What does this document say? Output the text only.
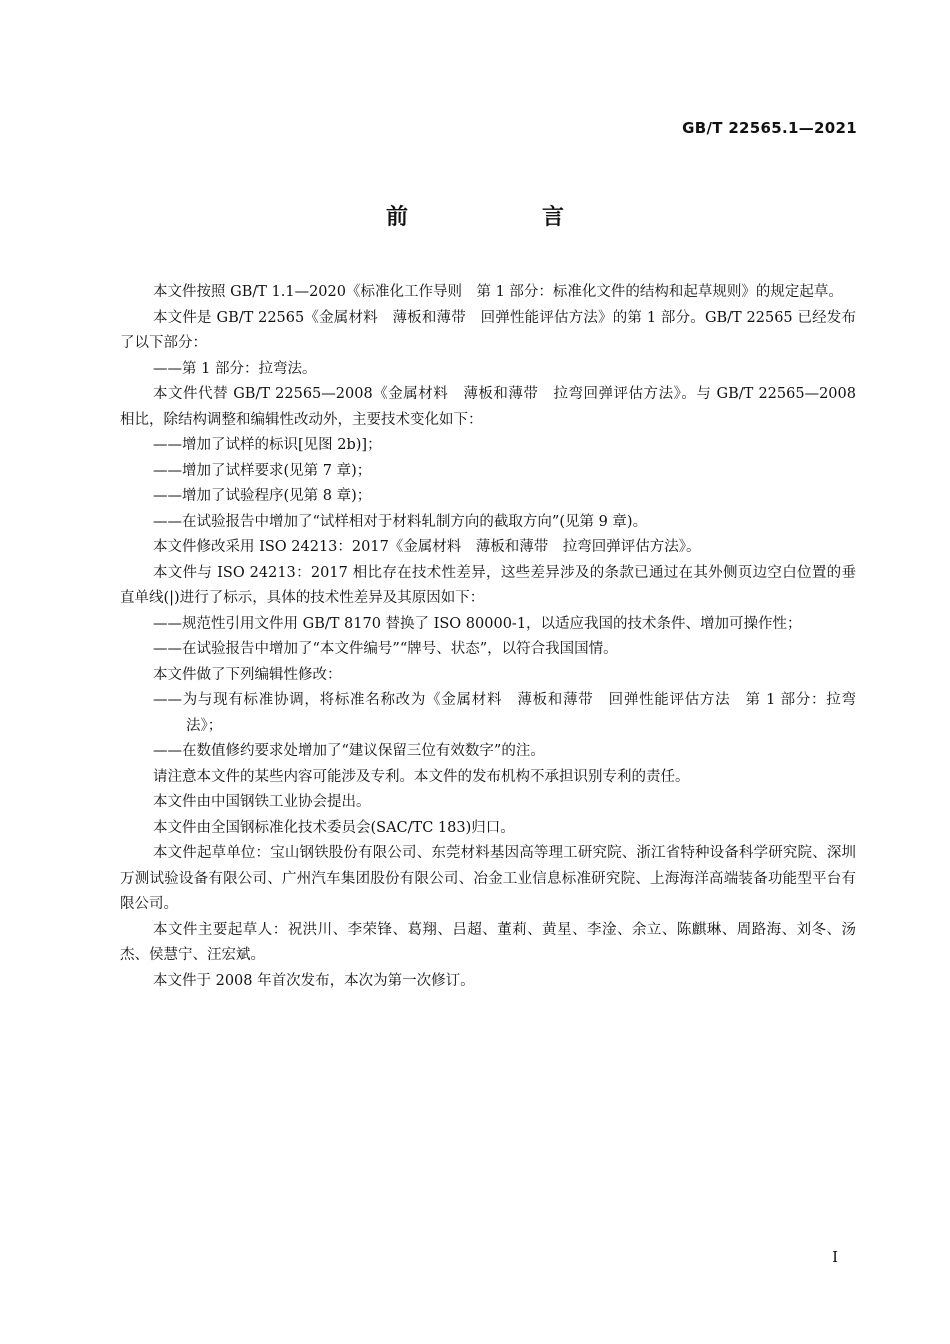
GB/T 22565.1—2021
前　言

本文件按照 GB/T 1.1—2020《标准化工作导则　第 1 部分：标准化文件的结构和起草规则》的规定起草。

本文件是 GB/T 22565《金属材料　薄板和薄带　回弹性能评估方法》的第 1 部分。GB/T 22565 已经发布了以下部分：

——第 1 部分：拉弯法。

本文件代替 GB/T 22565—2008《金属材料　薄板和薄带　拉弯回弹评估方法》。与 GB/T 22565—2008 相比，除结构调整和编辑性改动外，主要技术变化如下：

——增加了试样的标识[见图 2b)]；

——增加了试样要求(见第 7 章)；

——增加了试验程序(见第 8 章)；

——在试验报告中增加了“试样相对于材料轧制方向的截取方向”(见第 9 章)。

本文件修改采用 ISO 24213：2017《金属材料　薄板和薄带　拉弯回弹评估方法》。

本文件与 ISO 24213：2017 相比存在技术性差异，这些差异涉及的条款已通过在其外侧页边空白位置的垂直单线(|)进行了标示，具体的技术性差异及其原因如下：

——规范性引用文件用 GB/T 8170 替换了 ISO 80000-1，以适应我国的技术条件、增加可操作性；

——在试验报告中增加了“本文件编号”“牌号、状态”，以符合我国国情。

本文件做了下列编辑性修改：

——为与现有标准协调，将标准名称改为《金属材料　薄板和薄带　回弹性能评估方法　第 1 部分：拉弯法》；

——在数值修约要求处增加了“建议保留三位有效数字”的注。

请注意本文件的某些内容可能涉及专利。本文件的发布机构不承担识别专利的责任。

本文件由中国钢铁工业协会提出。

本文件由全国钢标准化技术委员会(SAC/TC 183)归口。

本文件起草单位：宝山钢铁股份有限公司、东莞材料基因高等理工研究院、浙江省特种设备科学研究院、深圳万测试验设备有限公司、广州汽车集团股份有限公司、冶金工业信息标准研究院、上海海洋高端装备功能型平台有限公司。

本文件主要起草人：祝洪川、李荣锋、葛翔、吕超、董莉、黄星、李淦、余立、陈麒琳、周路海、刘冬、汤杰、侯慧宁、汪宏斌。

本文件于 2008 年首次发布，本次为第一次修订。

I
